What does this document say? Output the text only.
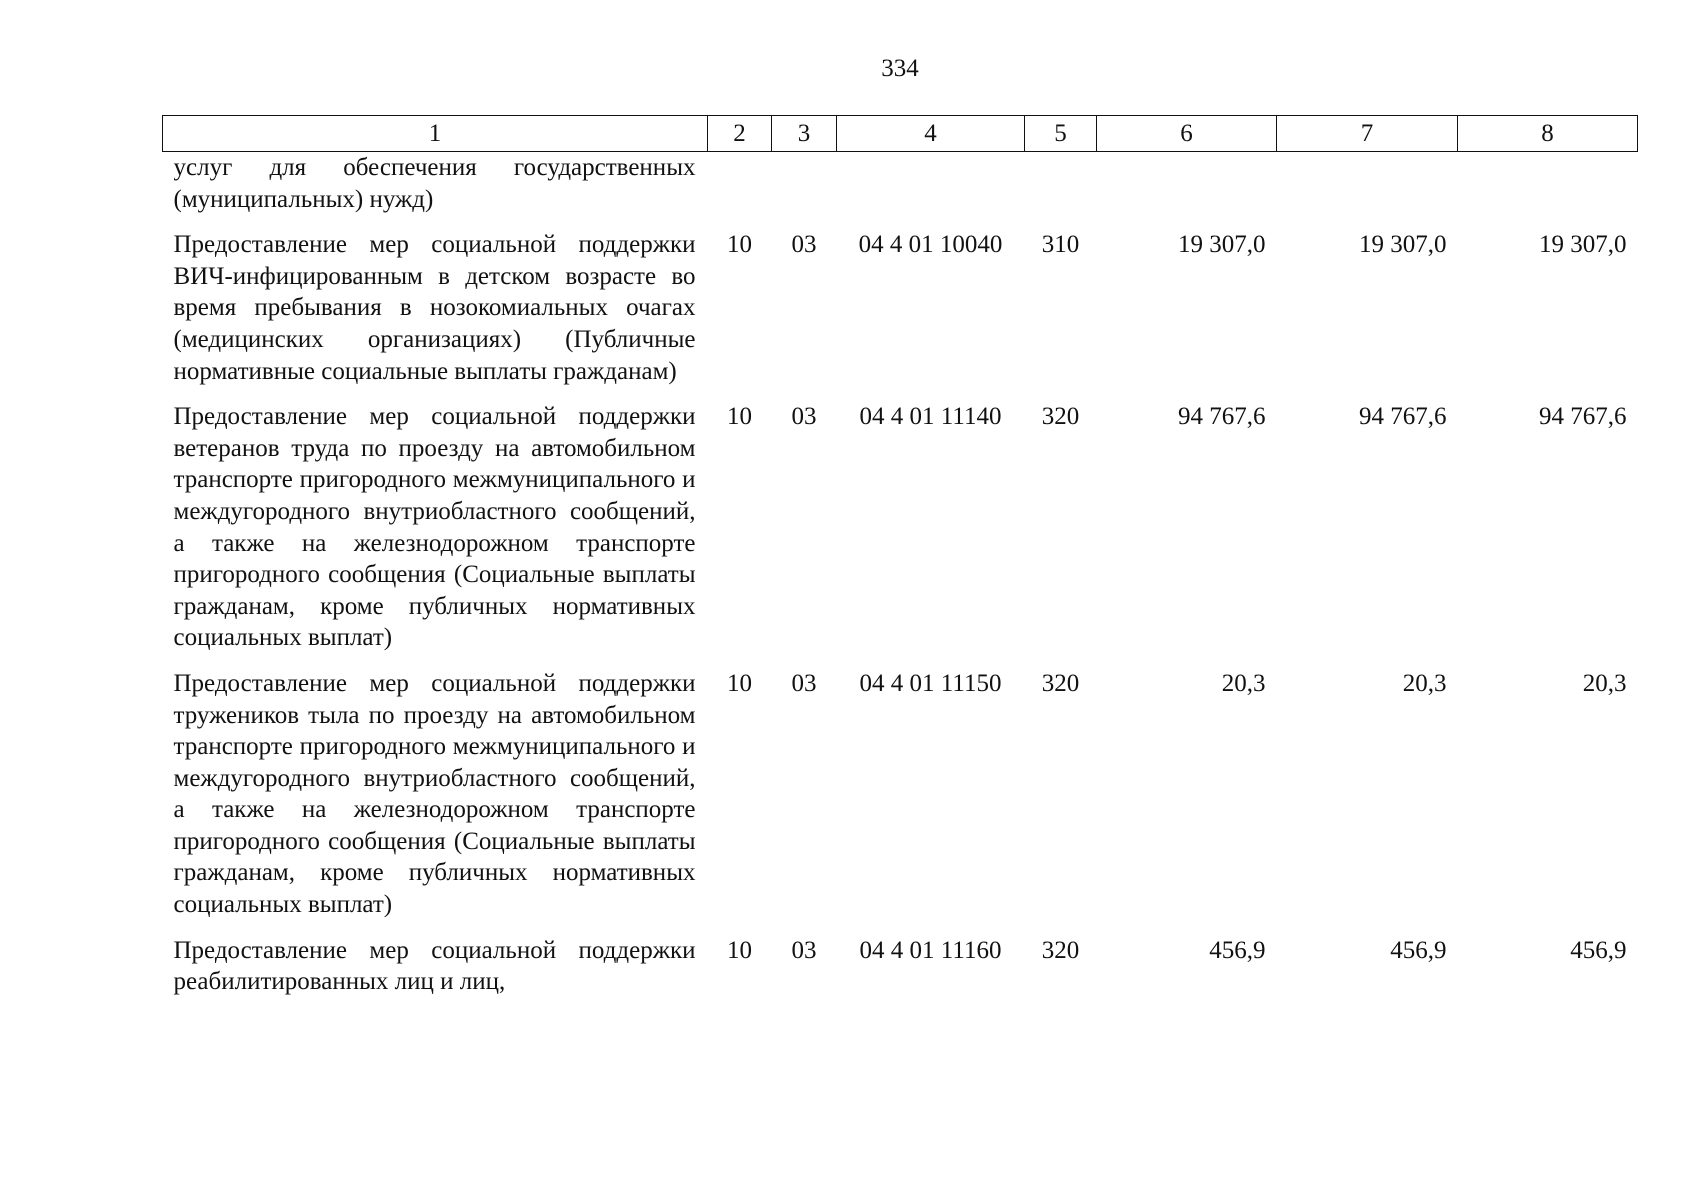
334
1	2	3	4	5	6	7	8
услуг для обеспечения государственных (муниципальных) нужд)							
Предоставление мер социальной поддержки ВИЧ-инфицированным в детском возрасте во время пребывания в нозокомиальных очагах (медицинских организациях) (Публичные нормативные социальные выплаты гражданам)	10	03	04 4 01 10040	310	19 307,0	19 307,0	19 307,0
Предоставление мер социальной поддержки ветеранов труда по проезду на автомобильном транспорте пригородного межмуниципального и междугородного внутриобластного сообщений, а также на железнодорожном транспорте пригородного сообщения (Социальные выплаты гражданам, кроме публичных нормативных социальных выплат)	10	03	04 4 01 11140	320	94 767,6	94 767,6	94 767,6
Предоставление мер социальной поддержки тружеников тыла по проезду на автомобильном транспорте пригородного межмуниципального и междугородного внутриобластного сообщений, а также на железнодорожном транспорте пригородного сообщения (Социальные выплаты гражданам, кроме публичных нормативных социальных выплат)	10	03	04 4 01 11150	320	20,3	20,3	20,3
Предоставление мер социальной поддержки реабилитированных лиц и лиц,	10	03	04 4 01 11160	320	456,9	456,9	456,9
